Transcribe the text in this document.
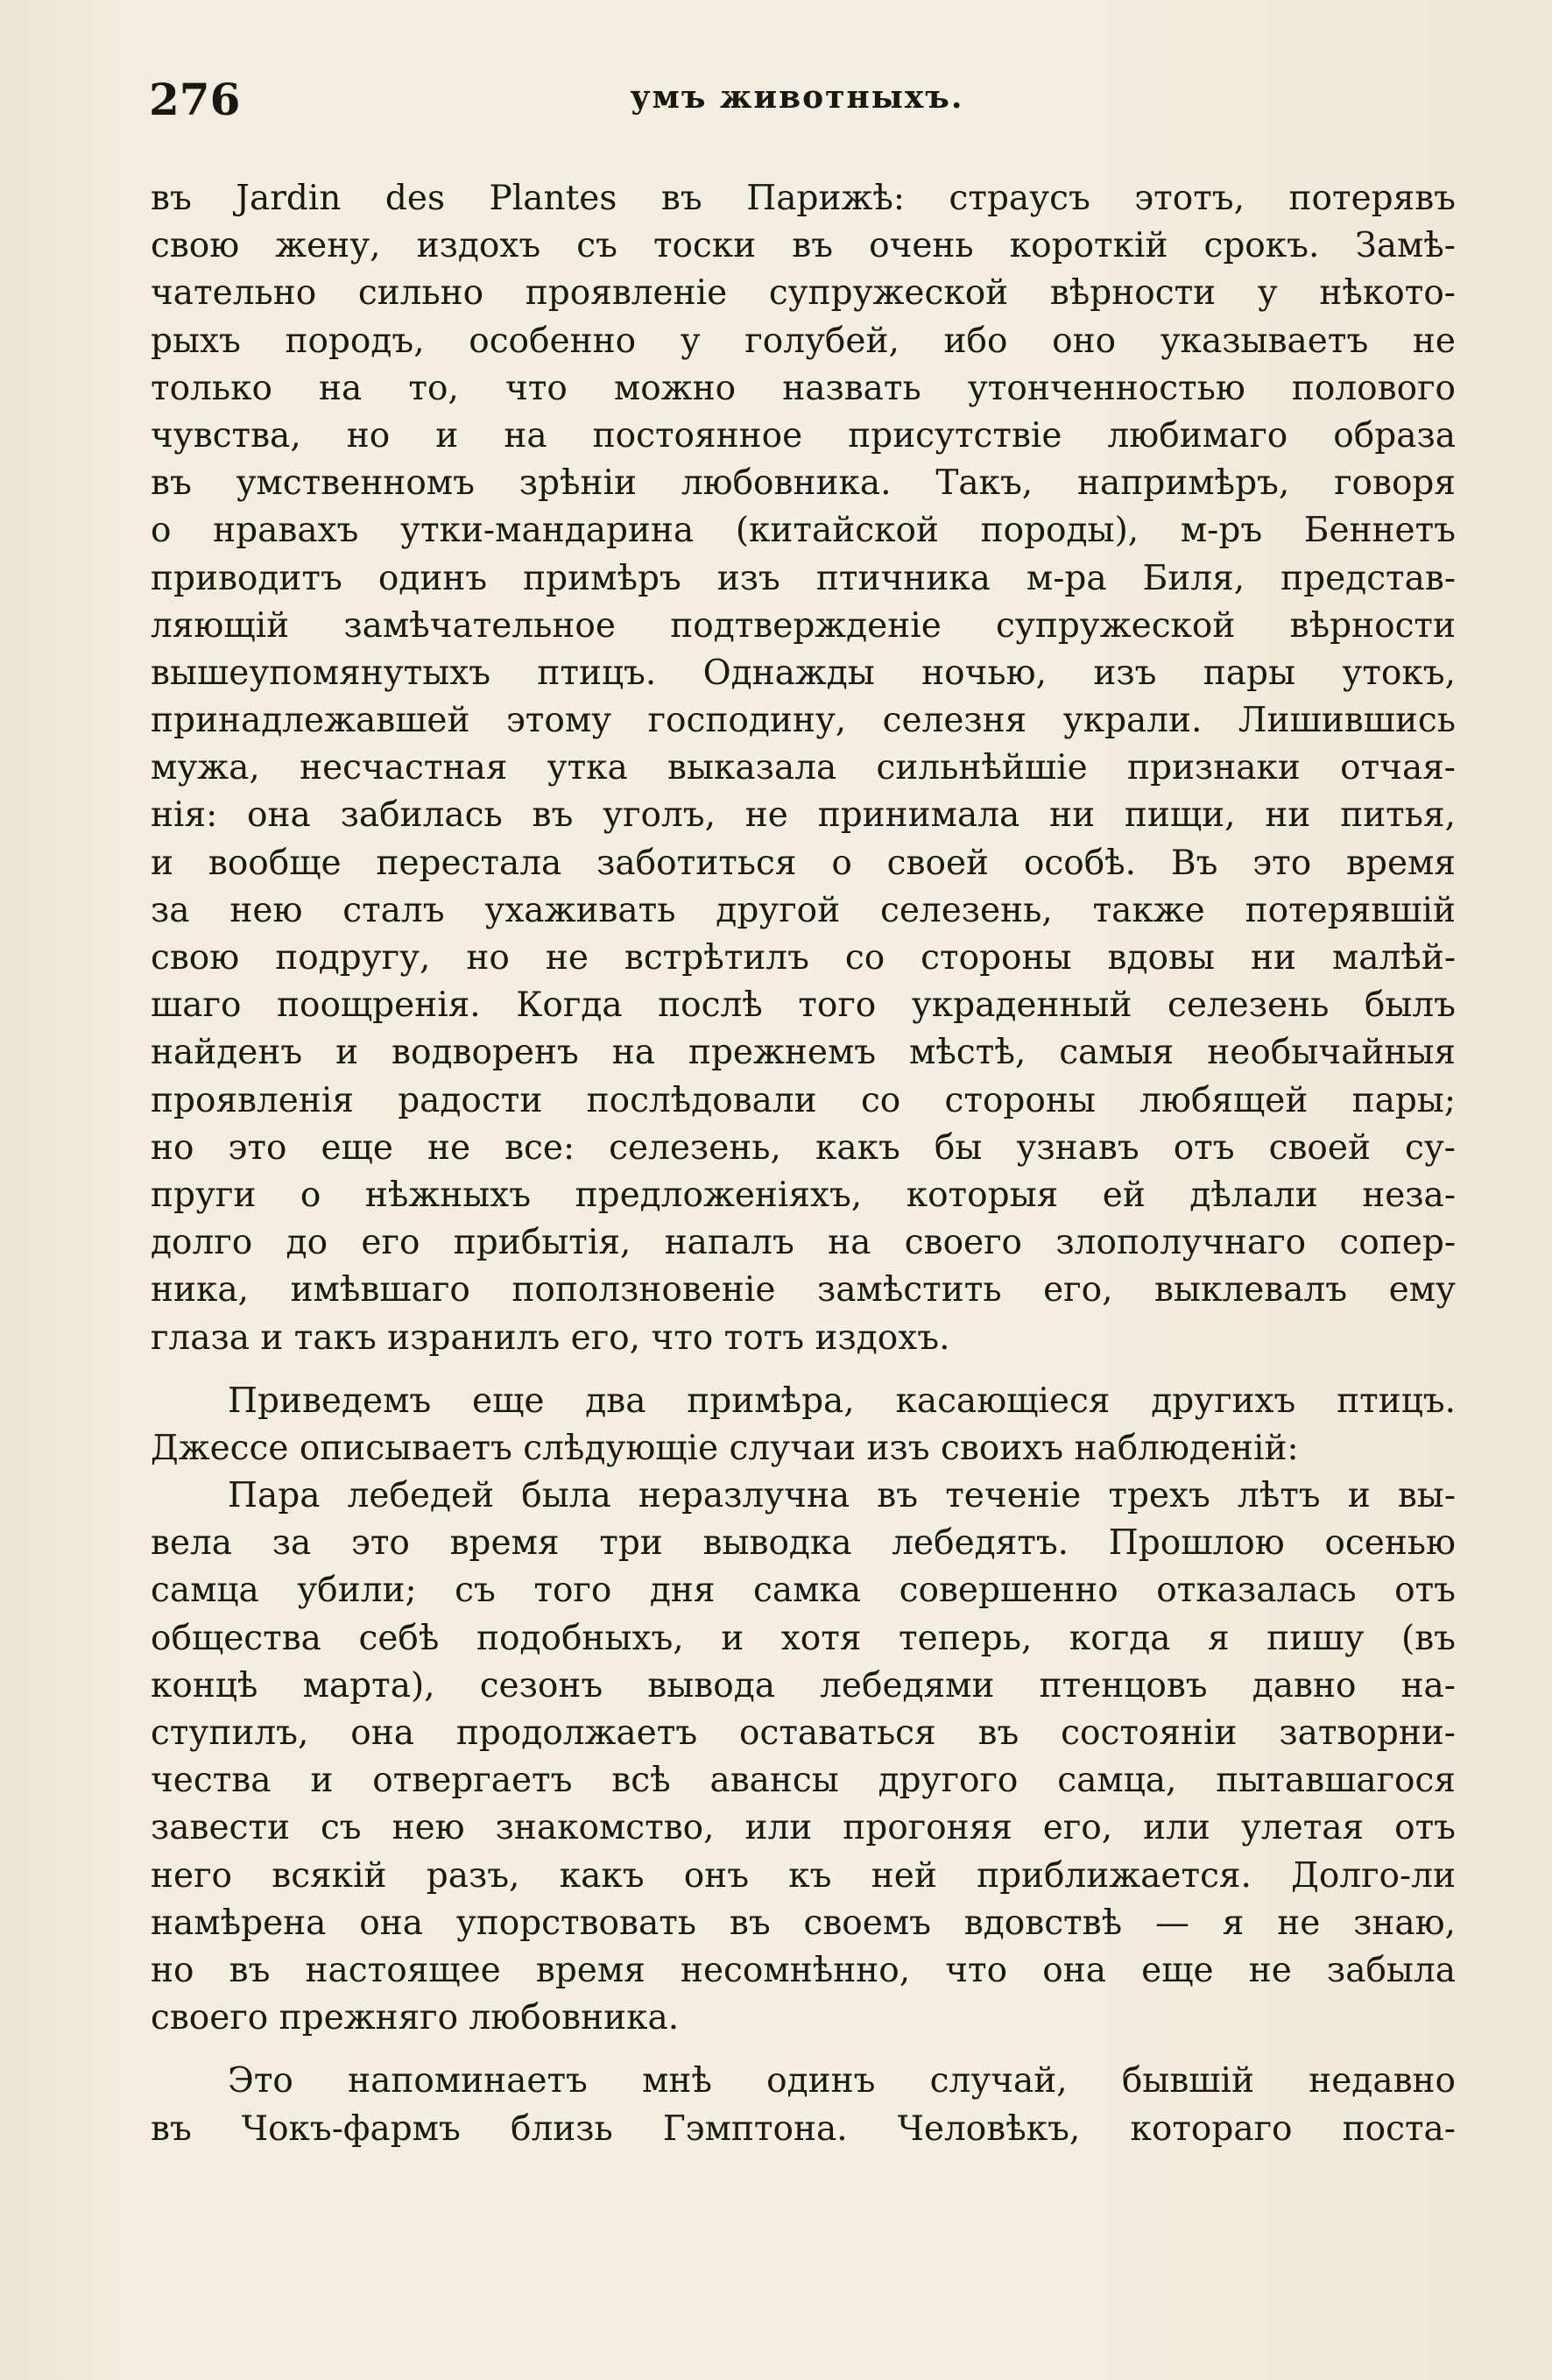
276	умъ животныхъ.
въ Jardin des Plantes въ Парижѣ: страусъ этотъ, потерявъ
свою жену, издохъ съ тоски въ очень короткій срокъ. Замѣ-
чательно сильно проявленіе супружеской вѣрности у нѣкото-
рыхъ породъ, особенно у голубей, ибо оно указываетъ не
только на то, что можно назвать утонченностью полового
чувства, но и на постоянное присутствіе любимаго образа
въ умственномъ зрѣніи любовника. Такъ, напримѣръ, говоря
о нравахъ утки-мандарина (китайской породы), м-ръ Беннетъ
приводитъ одинъ примѣръ изъ птичника м-ра Биля, представ-
ляющій замѣчательное подтвержденіе супружеской вѣрности
вышеупомянутыхъ птицъ. Однажды ночью, изъ пары утокъ,
принадлежавшей этому господину, селезня украли. Лишившись
мужа, несчастная утка выказала сильнѣйшіе признаки отчая-
нія: она забилась въ уголъ, не принимала ни пищи, ни питья,
и вообще перестала заботиться о своей особѣ. Въ это время
за нею сталъ ухаживать другой селезень, также потерявшій
свою подругу, но не встрѣтилъ со стороны вдовы ни малѣй-
шаго поощренія. Когда послѣ того украденный селезень былъ
найденъ и водворенъ на прежнемъ мѣстѣ, самыя необычайныя
проявленія радости послѣдовали со стороны любящей пары;
но это еще не все: селезень, какъ бы узнавъ отъ своей су-
пруги о нѣжныхъ предложеніяхъ, которыя ей дѣлали неза-
долго до его прибытія, напалъ на своего злополучнаго сопер-
ника, имѣвшаго поползновеніе замѣстить его, выклевалъ ему
глаза и такъ изранилъ его, что тотъ издохъ.
Приведемъ еще два примѣра, касающіеся другихъ птицъ.
Джессе описываетъ слѣдующіе случаи изъ своихъ наблюденій:
Пара лебедей была неразлучна въ теченіе трехъ лѣтъ и вы-
вела за это время три выводка лебедятъ. Прошлою осенью
самца убили; съ того дня самка совершенно отказалась отъ
общества себѣ подобныхъ, и хотя теперь, когда я пишу (въ
концѣ марта), сезонъ вывода лебедями птенцовъ давно на-
ступилъ, она продолжаетъ оставаться въ состояніи затворни-
чества и отвергаетъ всѣ авансы другого самца, пытавшагося
завести съ нею знакомство, или прогоняя его, или улетая отъ
него всякій разъ, какъ онъ къ ней приближается. Долго-ли
намѣрена она упорствовать въ своемъ вдовствѣ — я не знаю,
но въ настоящее время несомнѣнно, что она еще не забыла
своего прежняго любовника.
Это напоминаетъ мнѣ одинъ случай, бывшій недавно
въ Чокъ-фармъ близь Гэмптона. Человѣкъ, котораго поста-
